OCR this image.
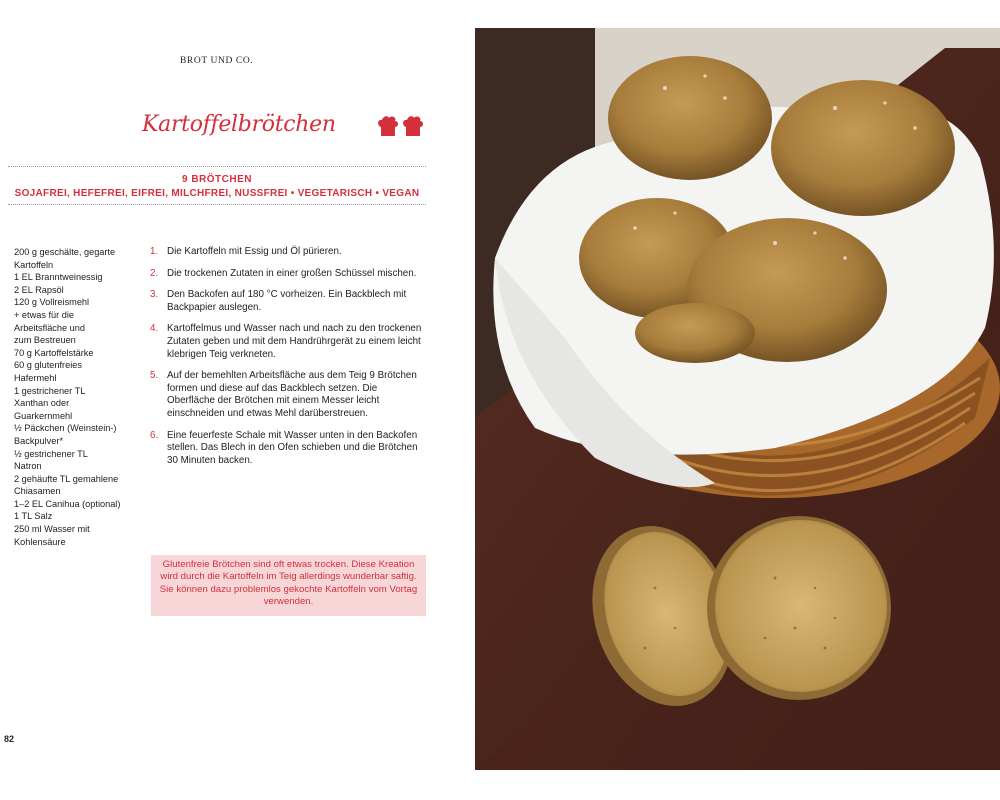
BROT UND CO.
Kartoffelbrötchen
9 BRÖTCHEN
SOJAFREI, HEFEFREI, EIFREI, MILCHFREI, NUSSFREI • VEGETARISCH • VEGAN
200 g geschälte, gegarte
Kartoffeln
1 EL Branntweinessig
2 EL Rapsöl
120 g Vollreismehl
+ etwas für die
Arbeitsfläche und
zum Bestreuen
70 g Kartoffelstärke
60 g glutenfreies
Hafermehl
1 gestrichener TL
Xanthan oder
Guarkernmehl
½ Päckchen (Weinstein-)
Backpulver*
½ gestrichener TL
Natron
2 gehäufte TL gemahlene
Chiasamen
1–2 EL Canihua (optional)
1 TL Salz
250 ml Wasser mit
Kohlensäure
1. Die Kartoffeln mit Essig und Öl pürieren.
2. Die trockenen Zutaten in einer großen Schüssel mischen.
3. Den Backofen auf 180 °C vorheizen. Ein Backblech mit Backpapier auslegen.
4. Kartoffelmus und Wasser nach und nach zu den trockenen Zutaten geben und mit dem Handrührgerät zu einem leicht klebrigen Teig verkneten.
5. Auf der bemehlten Arbeitsfläche aus dem Teig 9 Brötchen formen und diese auf das Backblech setzen. Die Oberfläche der Brötchen mit einem Messer leicht einschneiden und etwas Mehl darüberstreuen.
6. Eine feuerfeste Schale mit Wasser unten in den Backofen stellen. Das Blech in den Ofen schieben und die Brötchen 30 Minuten backen.
Glutenfreie Brötchen sind oft etwas trocken. Diese Kreation wird durch die Kartoffeln im Teig allerdings wunderbar saftig. Sie können dazu problemlos gekochte Kartoffeln vom Vortag verwenden.
82
